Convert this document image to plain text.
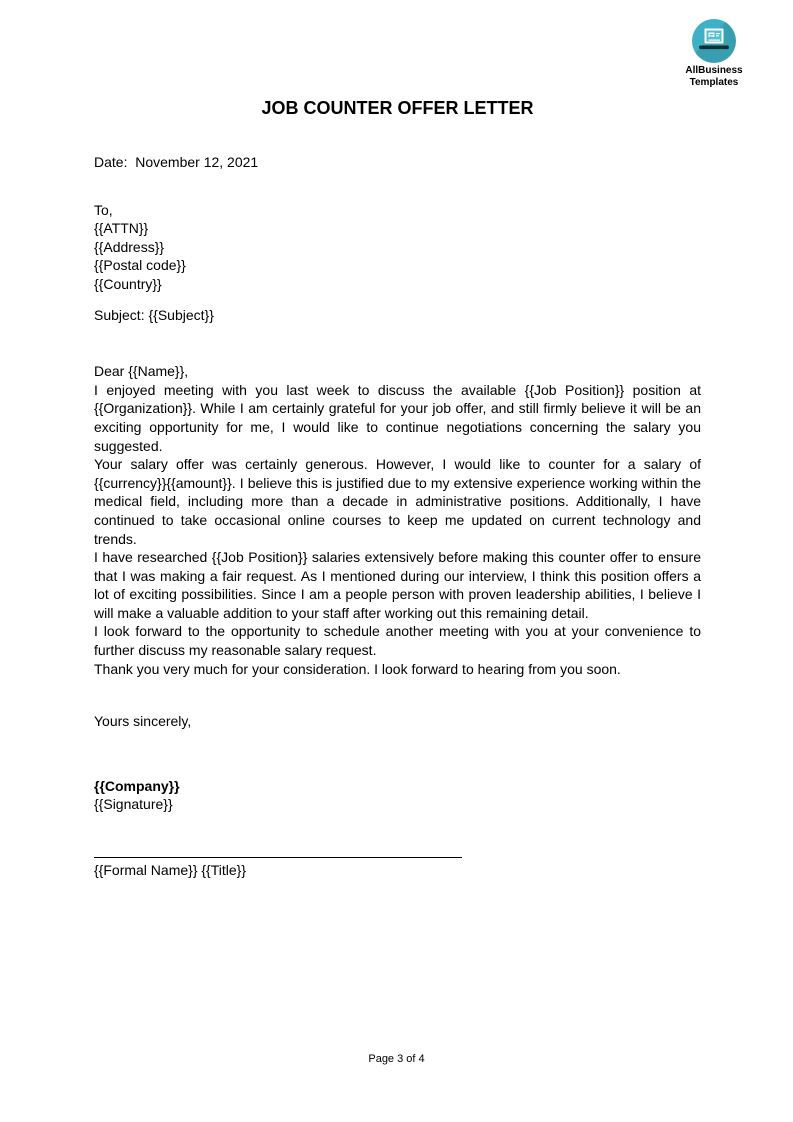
AllBusiness
Templates
JOB COUNTER OFFER LETTER
Date:  November 12, 2021
To,
{{ATTN}}
{{Address}}
{{Postal code}}
{{Country}}
Subject: {{Subject}}
Dear {{Name}},

I enjoyed meeting with you last week to discuss the available {{Job Position}} position at {{Organization}}. While I am certainly grateful for your job offer, and still firmly believe it will be an exciting opportunity for me, I would like to continue negotiations concerning the salary you suggested.

Your salary offer was certainly generous. However, I would like to counter for a salary of {{currency}}{{amount}}. I believe this is justified due to my extensive experience working within the medical field, including more than a decade in administrative positions. Additionally, I have continued to take occasional online courses to keep me updated on current technology and trends.

I have researched {{Job Position}} salaries extensively before making this counter offer to ensure that I was making a fair request. As I mentioned during our interview, I think this position offers a lot of exciting possibilities. Since I am a people person with proven leadership abilities, I believe I will make a valuable addition to your staff after working out this remaining detail.

I look forward to the opportunity to schedule another meeting with you at your convenience to further discuss my reasonable salary request.

Thank you very much for your consideration. I look forward to hearing from you soon.

Yours sincerely,
{{Company}}
{{Signature}}
{{Formal Name}} {{Title}}
Page 3 of 4
